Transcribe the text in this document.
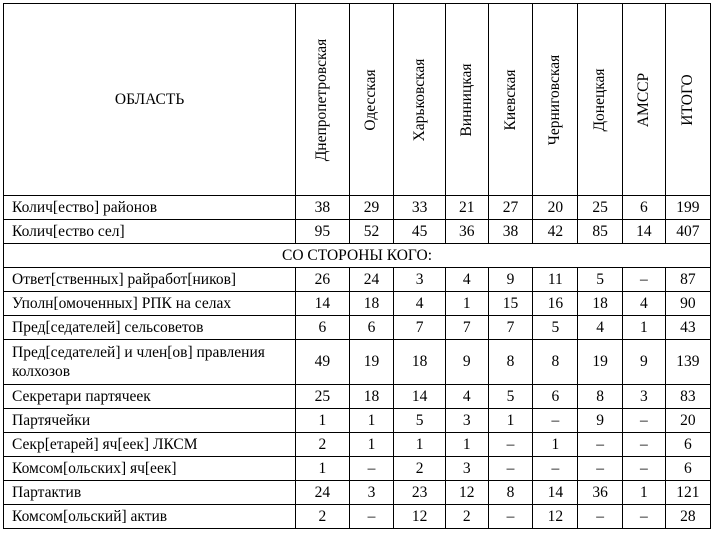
ОБЛАСТЬ	Днепропетровская	Одесская	Харьковская	Винницкая	Киевская	Черниговская	Донецкая	АМССР	ИТОГО

Колич[ество] районов	38	29	33	21	27	20	25	6	199
Колич[ество сел]	95	52	45	36	38	42	85	14	407
СО СТОРОНЫ КОГО:									
Ответ[ственных] райработ[ников]	26	24	3	4	9	11	5	–	87
Уполн[омоченных] РПК на селах	14	18	4	1	15	16	18	4	90
Пред[седателей] сельсоветов	6	6	7	7	7	5	4	1	43
Пред[седателей] и член[ов] правления колхозов	49	19	18	9	8	8	19	9	139
Секретари партячеек	25	18	14	4	5	6	8	3	83
Партячейки	1	1	5	3	1	–	9	–	20
Секр[етарей] яч[еек] ЛКСМ	2	1	1	1	–	1	–	–	6
Комсом[ольских] яч[еек]	1	–	2	3	–	–	–	–	6
Партактив	24	3	23	12	8	14	36	1	121
Комсом[ольский] актив	2	–	12	2	–	12	–	–	28
